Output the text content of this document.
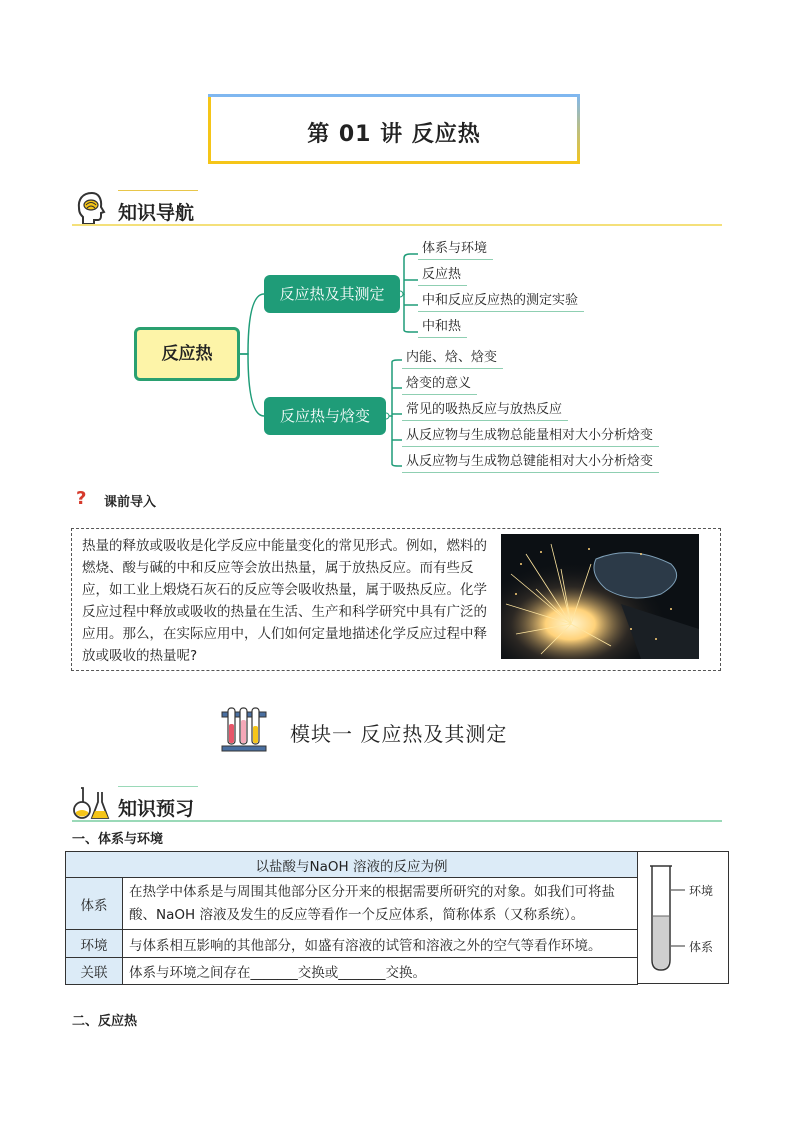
第 01 讲 反应热
知识导航
反应热
反应热及其测定
反应热与焓变
体系与环境
反应热
中和反应反应热的测定实验
中和热
内能、焓、焓变
焓变的意义
常见的吸热反应与放热反应
从反应物与生成物总能量相对大小分析焓变
从反应物与生成物总键能相对大小分析焓变
? 课前导入
热量的释放或吸收是化学反应中能量变化的常见形式。例如，燃料的燃烧、酸与碱的中和反应等会放出热量，属于放热反应。而有些反应，如工业上煅烧石灰石的反应等会吸收热量，属于吸热反应。化学反应过程中释放或吸收的热量在生活、生产和科学研究中具有广泛的应用。那么，在实际应用中，人们如何定量地描述化学反应过程中释放或吸收的热量呢?
模块一 反应热及其测定
知识预习
一、体系与环境
以盐酸与NaOH 溶液的反应为例	
体系	在热学中体系是与周围其他部分区分开来的根据需要所研究的对象。如我们可将盐酸、NaOH 溶液及发生的反应等看作一个反应体系，简称体系（又称系统）。
环境	与体系相互影响的其他部分，如盛有溶液的试管和溶液之外的空气等看作环境。
关联	体系与环境之间存在_______交换或_______交换。
环境
体系
二、反应热
